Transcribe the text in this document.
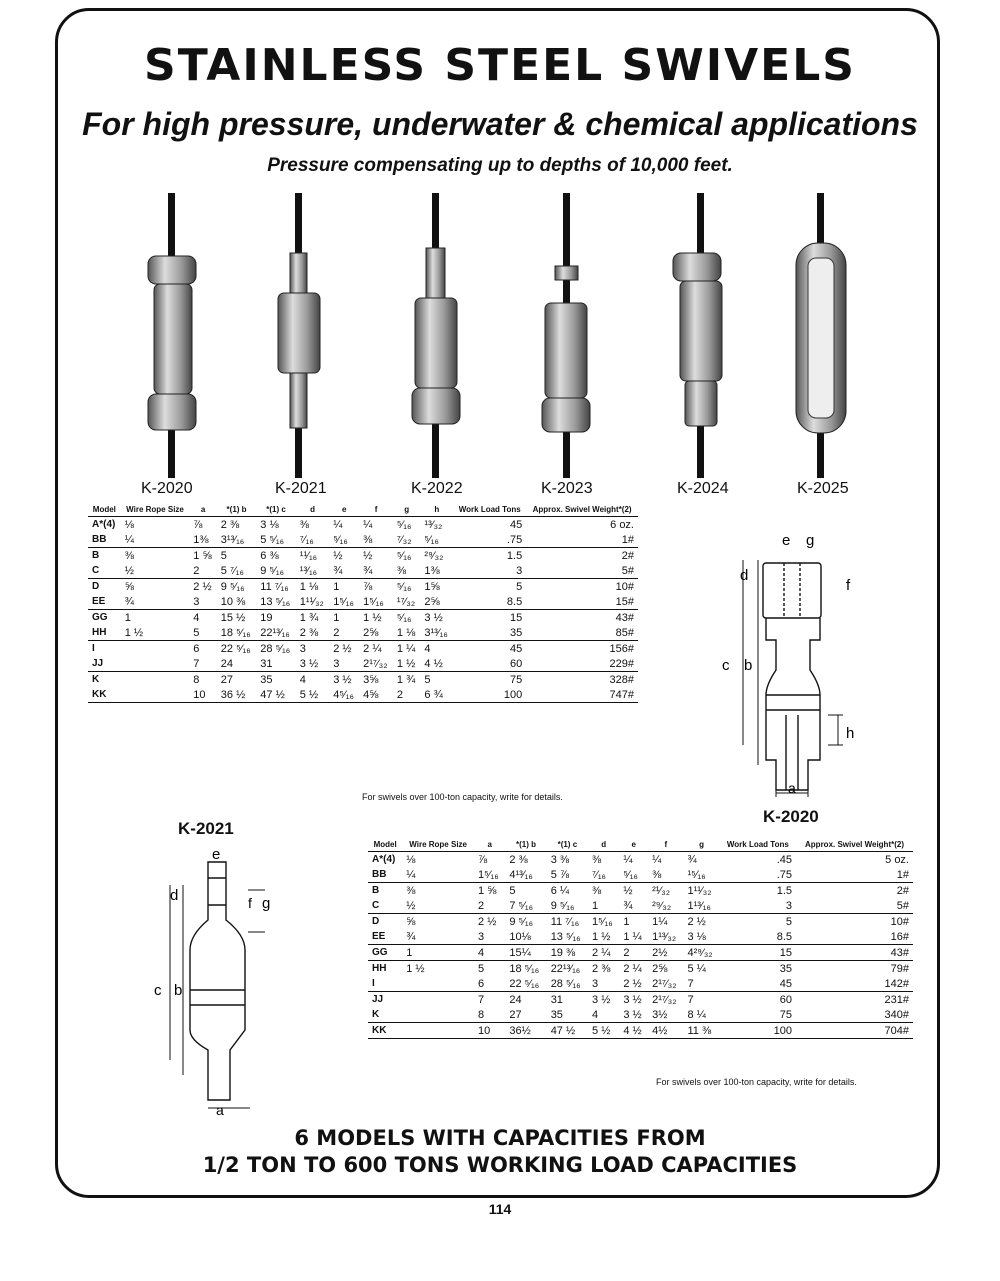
STAINLESS STEEL SWIVELS
For high pressure, underwater & chemical applications
Pressure compensating up to depths of 10,000 feet.
K-2020	K-2021	K-2022	K-2023	K-2024	K-2025
Model	Wire Rope Size	a	*(1) b	*(1) c	d	e	f	g	h	Work Load Tons	Approx. Swivel Weight*(2)
A*(4)	⅛	⅞	2 ⅜	3 ⅛	⅜	¼	¼	⁵⁄₁₆	¹³⁄₃₂	45	6 oz.
BB	¼	1⅜	3¹³⁄₁₆	5 ⁵⁄₁₆	⁷⁄₁₆	⁵⁄₁₆	⅜	⁷⁄₃₂	⁵⁄₁₆	.75	1#
B	⅜	1 ⅝	5	6 ⅜	¹¹⁄₁₆	½	½	⁵⁄₁₆	²⁹⁄₃₂	1.5	2#
C	½	2	5 ⁷⁄₁₆	9 ⁵⁄₁₆	¹³⁄₁₆	¾	¾	⅜	1⅜	3	5#
D	⅝	2 ½	9 ⁵⁄₁₆	11 ⁷⁄₁₆	1 ⅛	1	⅞	⁵⁄₁₆	1⅝	5	10#
EE	¾	3	10 ⅜	13 ⁵⁄₁₆	1¹¹⁄₃₂	1⁵⁄₁₆	1⁵⁄₁₆	¹⁷⁄₃₂	2⅝	8.5	15#
GG	1	4	15 ½	19	1 ¾	1	1 ½	⁵⁄₁₆	3 ½	15	43#
HH	1 ½	5	18 ⁵⁄₁₆	22¹³⁄₁₆	2 ⅜	2	2⅝	1 ⅛	3¹³⁄₁₆	35	85#
I		6	22 ⁵⁄₁₆	28 ⁵⁄₁₆	3	2 ½	2 ¼	1 ¼	4	45	156#
JJ		7	24	31	3 ½	3	2¹⁷⁄₃₂	1 ½	4 ½	60	229#
K		8	27	35	4	3 ½	3⅝	1 ¾	5	75	328#
KK		10	36 ½	47 ½	5 ½	4⁵⁄₁₆	4⅝	2	6 ¾	100	747#
For swivels over 100-ton capacity, write for details.
e g
d
f
c b
h
a
K-2020
K-2021
e
d	f g
c b
a
Model	Wire Rope Size	a	*(1) b	*(1) c	d	e	f	g	Work Load Tons	Approx. Swivel Weight*(2)
A*(4)	⅛	⅞	2 ⅜	3 ⅜	⅜	¼	¼	¾	.45	5 oz.
BB	¼	1⁵⁄₁₆	4¹³⁄₁₆	5 ⅞	⁷⁄₁₆	⁵⁄₁₆	⅜	¹⁵⁄₁₆	.75	1#
B	⅜	1 ⅝	5	6 ¼	⅜	½	²¹⁄₃₂	1¹¹⁄₃₂	1.5	2#
C	½	2	7 ⁵⁄₁₆	9 ⁵⁄₁₆	1	¾	²⁹⁄₃₂	1¹³⁄₁₆	3	5#
D	⅝	2 ½	9 ⁵⁄₁₆	11 ⁷⁄₁₆	1⁵⁄₁₆	1	1¼	2 ½	5	10#
EE	¾	3	10⅛	13 ⁵⁄₁₆	1 ½	1 ¼	1¹³⁄₃₂	3 ⅛	8.5	16#
GG	1	4	15¼	19 ⅜	2 ¼	2	2½	4²⁹⁄₃₂	15	43#
HH	1 ½	5	18 ⁵⁄₁₆	22¹³⁄₁₆	2 ⅜	2 ¼	2⅝	5 ¼	35	79#
I		6	22 ⁵⁄₁₆	28 ⁵⁄₁₆	3	2 ½	2¹⁷⁄₃₂	7	45	142#
JJ		7	24	31	3 ½	3 ½	2¹⁷⁄₃₂	7	60	231#
K		8	27	35	4	3 ½	3½	8 ¼	75	340#
KK		10	36½	47 ½	5 ½	4 ½	4½	11 ⅜	100	704#
For swivels over 100-ton capacity, write for details.
6 MODELS WITH CAPACITIES FROM
1/2 TON TO 600 TONS WORKING LOAD CAPACITIES
114
